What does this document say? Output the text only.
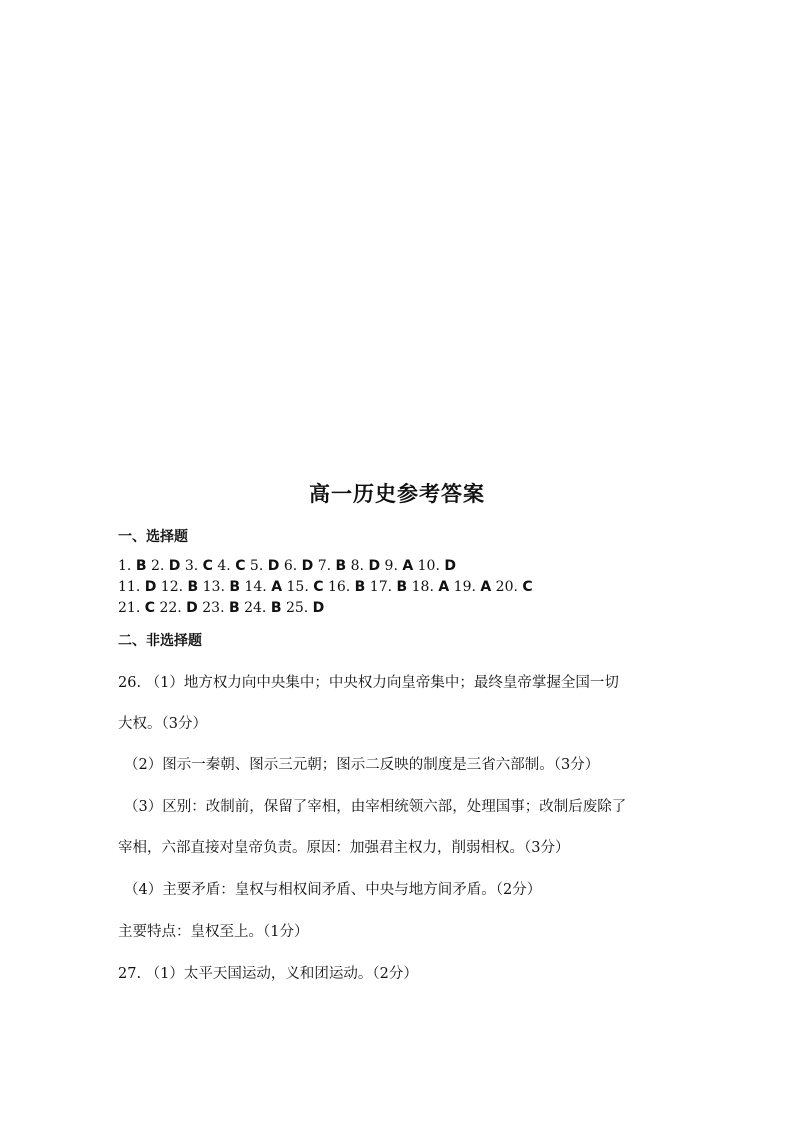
高一历史参考答案
一、选择题
1. B 2. D 3. C 4. C 5. D 6. D 7. B 8. D 9. A 10. D
11. D 12. B 13. B 14. A 15. C 16. B 17. B 18. A 19. A 20. C
21. C 22. D 23. B 24. B 25. D
二、非选择题
26. （1）地方权力向中央集中；中央权力向皇帝集中；最终皇帝掌握全国一切
大权。（3分）
（2）图示一秦朝、图示三元朝；图示二反映的制度是三省六部制。（3分）
（3）区别：改制前，保留了宰相，由宰相统领六部，处理国事；改制后废除了
宰相，六部直接对皇帝负责。原因：加强君主权力，削弱相权。（3分）
（4）主要矛盾：皇权与相权间矛盾、中央与地方间矛盾。（2分）
主要特点：皇权至上。（1分）
27. （1）太平天国运动，义和团运动。（2分）
